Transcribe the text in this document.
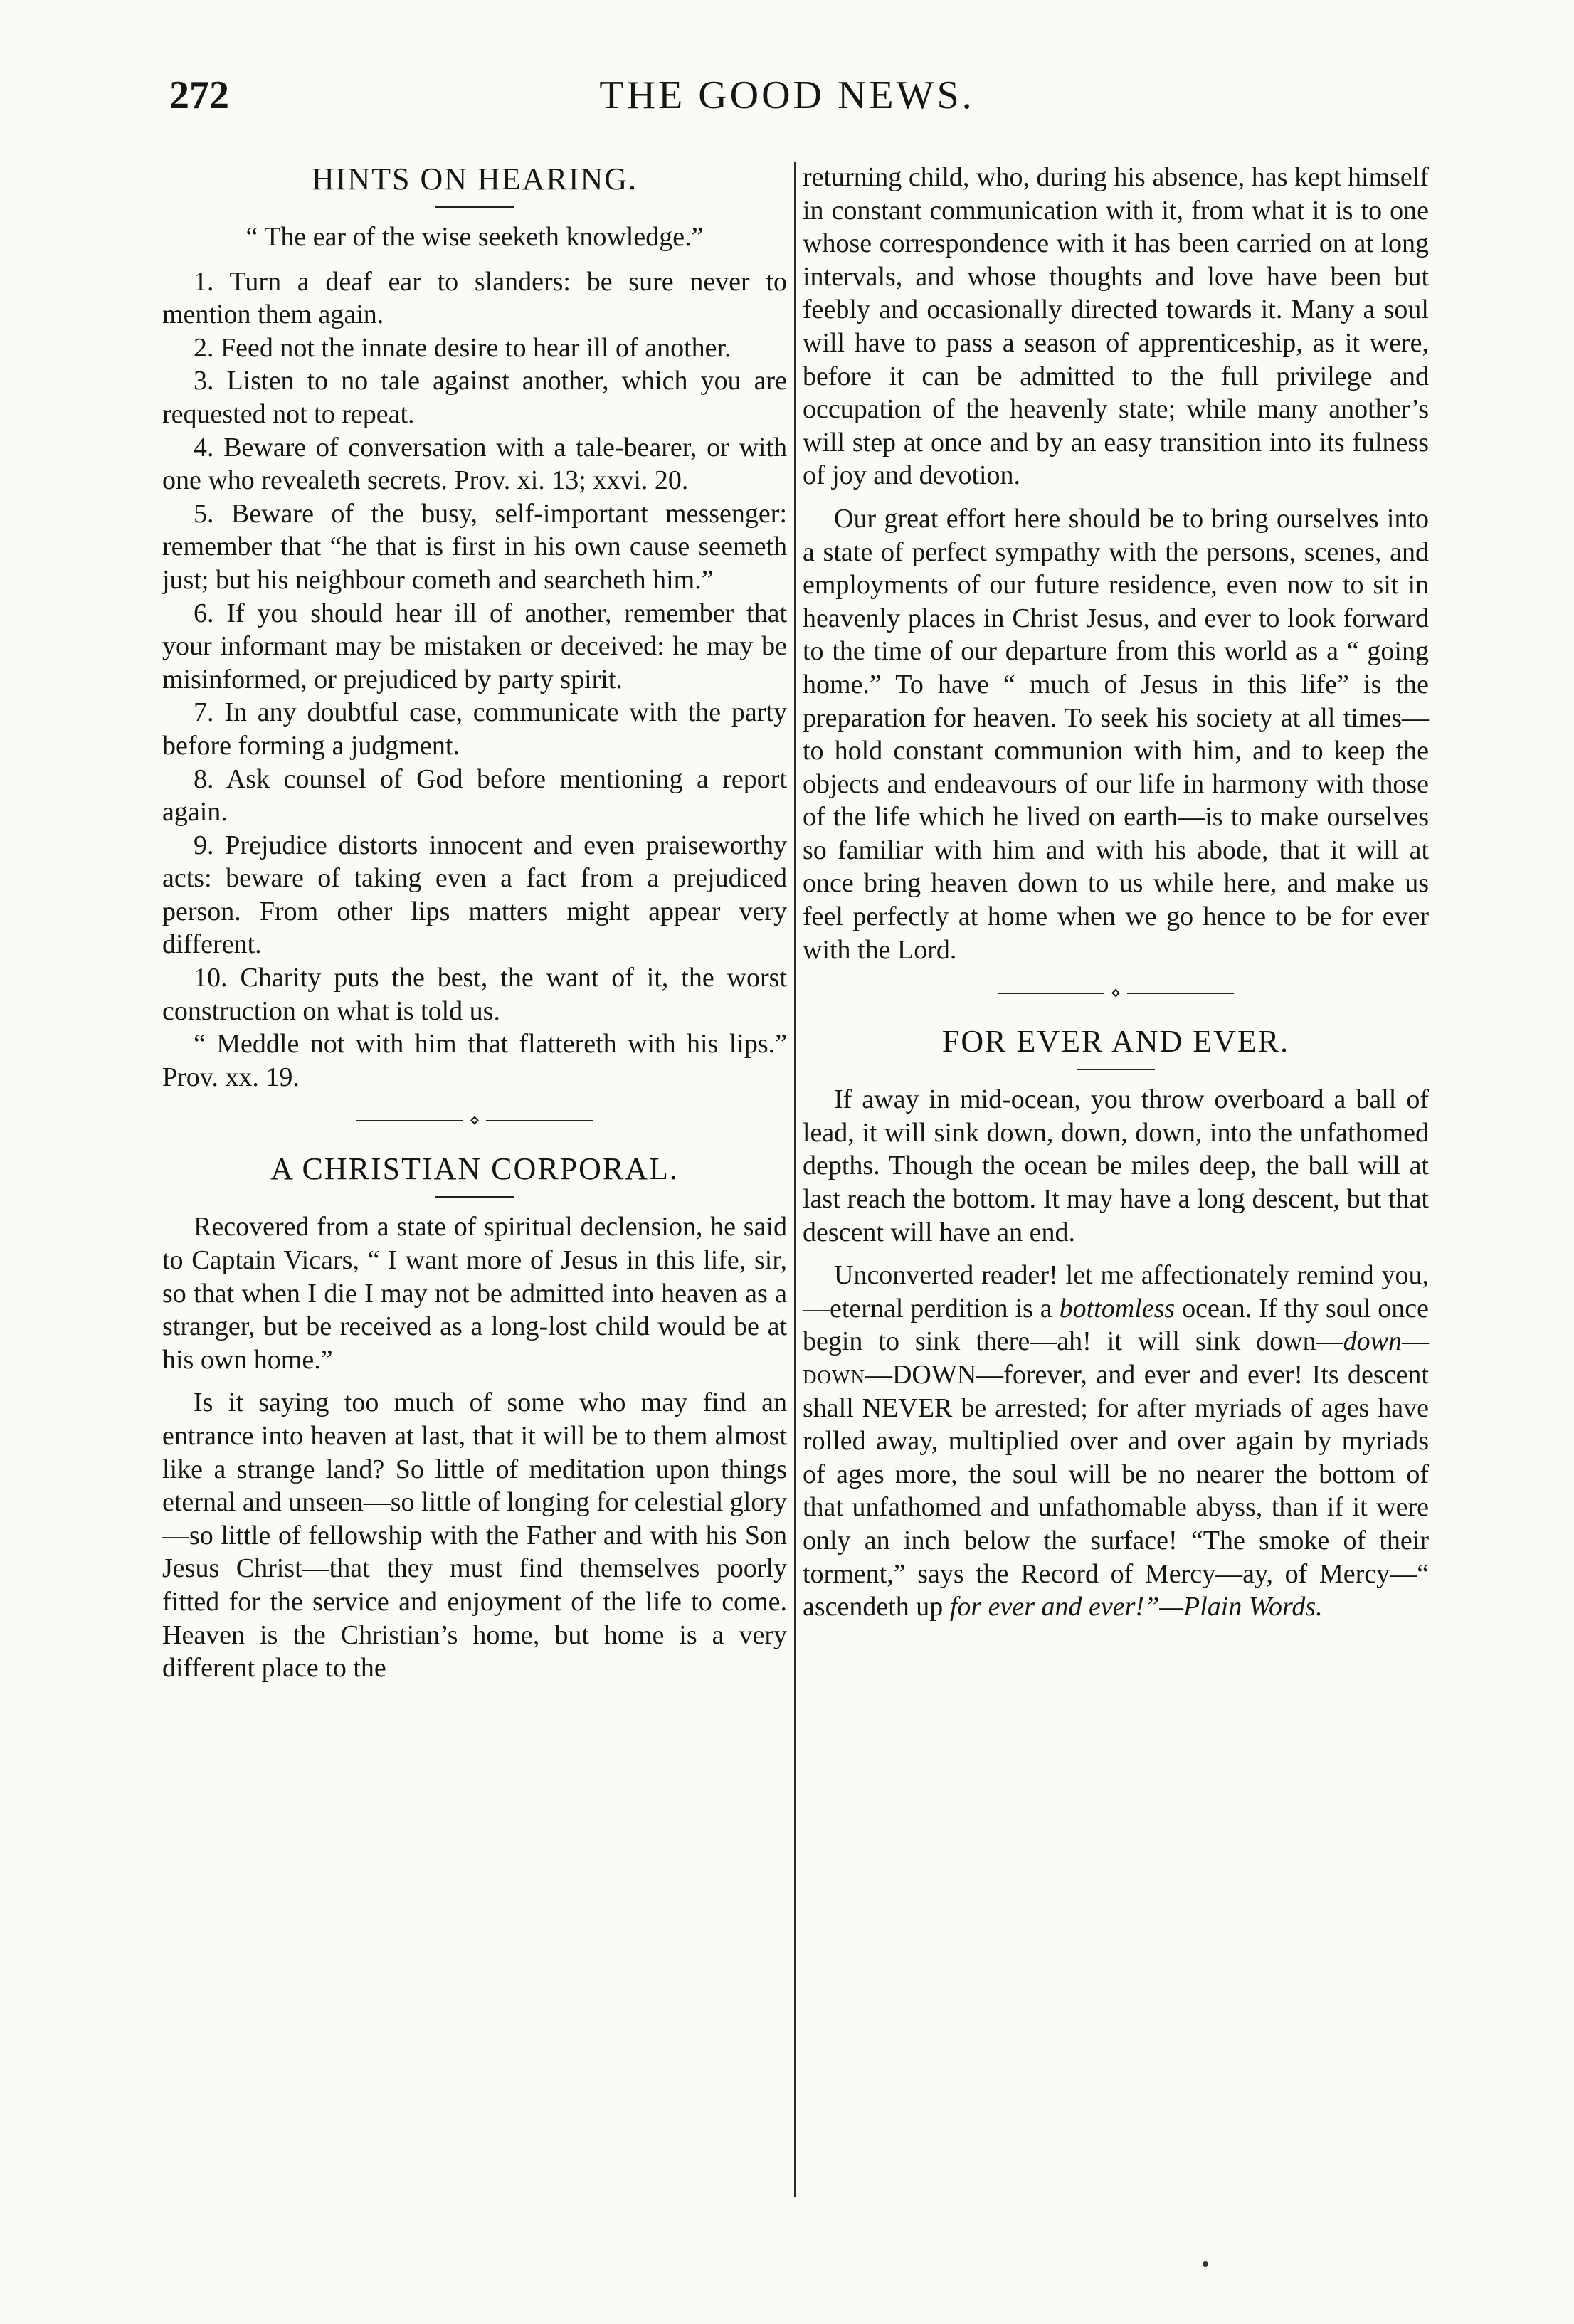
THE GOOD NEWS.
272
HINTS ON HEARING.

“ The ear of the wise seeketh knowledge.”

1. Turn a deaf ear to slanders: be sure never to mention them again.

2. Feed not the innate desire to hear ill of another.

3. Listen to no tale against another, which you are requested not to repeat.

4. Beware of conversation with a tale-bearer, or with one who revealeth secrets. Prov. xi. 13; xxvi. 20.

5. Beware of the busy, self-important messenger: remember that “he that is first in his own cause seemeth just; but his neighbour cometh and searcheth him.”

6. If you should hear ill of another, remember that your informant may be mistaken or deceived: he may be misinformed, or prejudiced by party spirit.

7. In any doubtful case, communicate with the party before forming a judgment.

8. Ask counsel of God before mentioning a report again.

9. Prejudice distorts innocent and even praiseworthy acts: beware of taking even a fact from a prejudiced person. From other lips matters might appear very different.

10. Charity puts the best, the want of it, the worst construction on what is told us.

“ Meddle not with him that flattereth with his lips.” Prov. xx. 19.

⋄
A CHRISTIAN CORPORAL.

Recovered from a state of spiritual declension, he said to Captain Vicars, “ I want more of Jesus in this life, sir, so that when I die I may not be admitted into heaven as a stranger, but be received as a long-lost child would be at his own home.”

Is it saying too much of some who may find an entrance into heaven at last, that it will be to them almost like a strange land? So little of meditation upon things eternal and unseen—so little of longing for celestial glory—so little of fellowship with the Father and with his Son Jesus Christ—that they must find themselves poorly fitted for the service and enjoyment of the life to come. Heaven is the Christian’s home, but home is a very different place to the

returning child, who, during his absence, has kept himself in constant communication with it, from what it is to one whose correspondence with it has been carried on at long intervals, and whose thoughts and love have been but feebly and occasionally directed towards it. Many a soul will have to pass a season of apprenticeship, as it were, before it can be admitted to the full privilege and occupation of the heavenly state; while many another’s will step at once and by an easy transition into its fulness of joy and devotion.

Our great effort here should be to bring ourselves into a state of perfect sympathy with the persons, scenes, and employments of our future residence, even now to sit in heavenly places in Christ Jesus, and ever to look forward to the time of our departure from this world as a “ going home.” To have “ much of Jesus in this life” is the preparation for heaven. To seek his society at all times—to hold constant communion with him, and to keep the objects and endeavours of our life in harmony with those of the life which he lived on earth—is to make ourselves so familiar with him and with his abode, that it will at once bring heaven down to us while here, and make us feel perfectly at home when we go hence to be for ever with the Lord.

⋄
FOR EVER AND EVER.

If away in mid-ocean, you throw overboard a ball of lead, it will sink down, down, down, into the unfathomed depths. Though the ocean be miles deep, the ball will at last reach the bottom. It may have a long descent, but that descent will have an end.

Unconverted reader! let me affectionately remind you,—eternal perdition is a bottomless ocean. If thy soul once begin to sink there—ah! it will sink down—down—down—DOWN—forever, and ever and ever! Its descent shall NEVER be arrested; for after myriads of ages have rolled away, multiplied over and over again by myriads of ages more, the soul will be no nearer the bottom of that unfathomed and unfathomable abyss, than if it were only an inch below the surface! “The smoke of their torment,” says the Record of Mercy—ay, of Mercy—“ ascendeth up for ever and ever!”—Plain Words.
